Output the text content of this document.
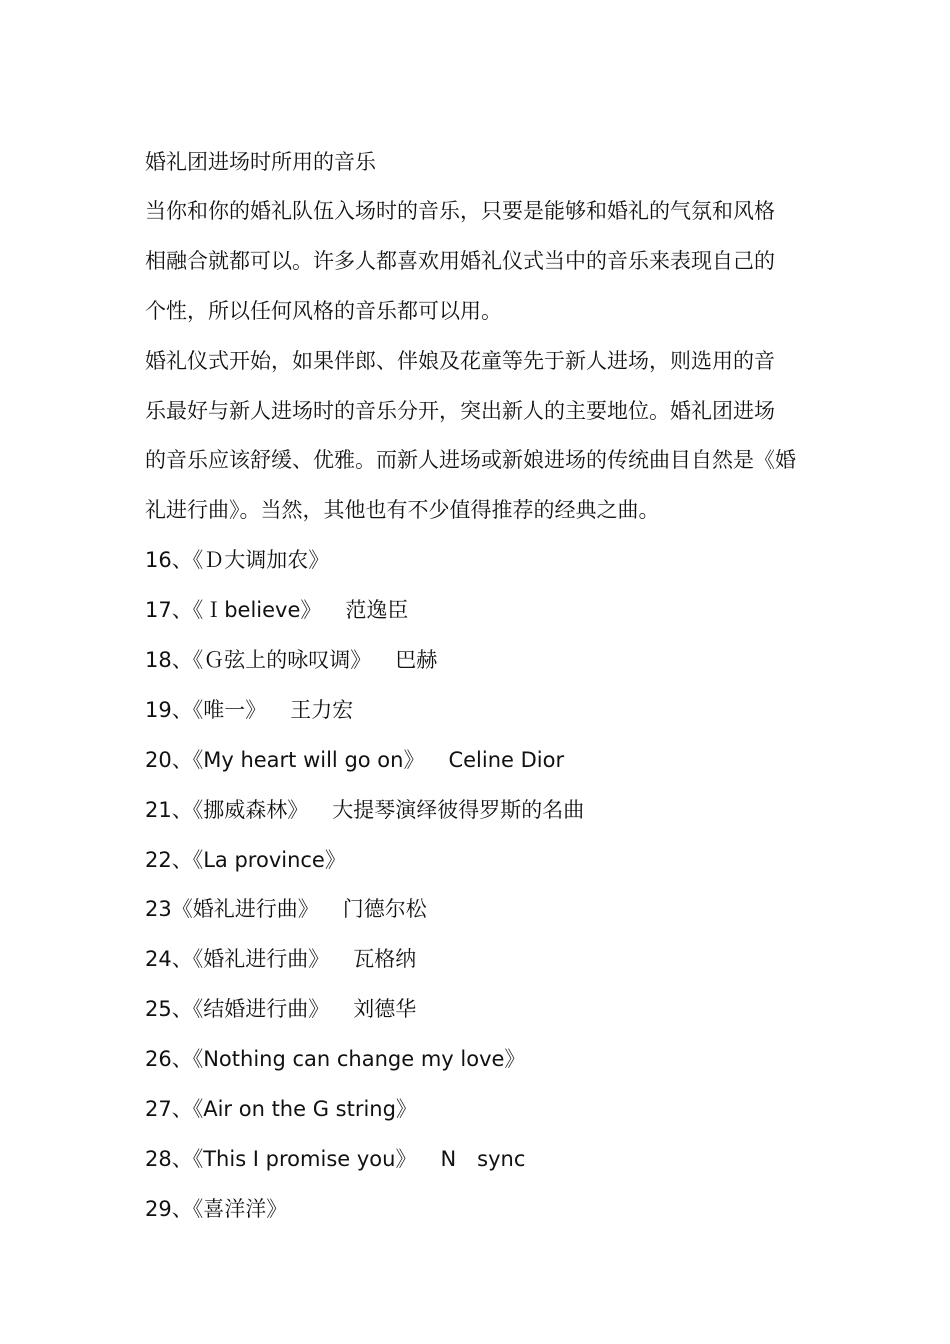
婚礼团进场时所用的音乐
当你和你的婚礼队伍入场时的音乐，只要是能够和婚礼的气氛和风格
相融合就都可以。许多人都喜欢用婚礼仪式当中的音乐来表现自己的
个性，所以任何风格的音乐都可以用。
婚礼仪式开始，如果伴郎、伴娘及花童等先于新人进场，则选用的音
乐最好与新人进场时的音乐分开，突出新人的主要地位。婚礼团进场
的音乐应该舒缓、优雅。而新人进场或新娘进场的传统曲目自然是《婚
礼进行曲》。当然，其他也有不少值得推荐的经典之曲。
16、《Ｄ大调加农》
17、《Ｉbelieve》 范逸臣
18、《Ｇ弦上的咏叹调》 巴赫
19、《唯一》 王力宏
20、《My heart will go on》 Celine Dior
21、《挪威森林》 大提琴演绎彼得罗斯的名曲
22、《La province》
23《婚礼进行曲》 门德尔松
24、《婚礼进行曲》 瓦格纳
25、《结婚进行曲》 刘德华
26、《Nothing can change my love》
27、《Air on the G string》
28、《This I promise you》 N　sync
29、《喜洋洋》
